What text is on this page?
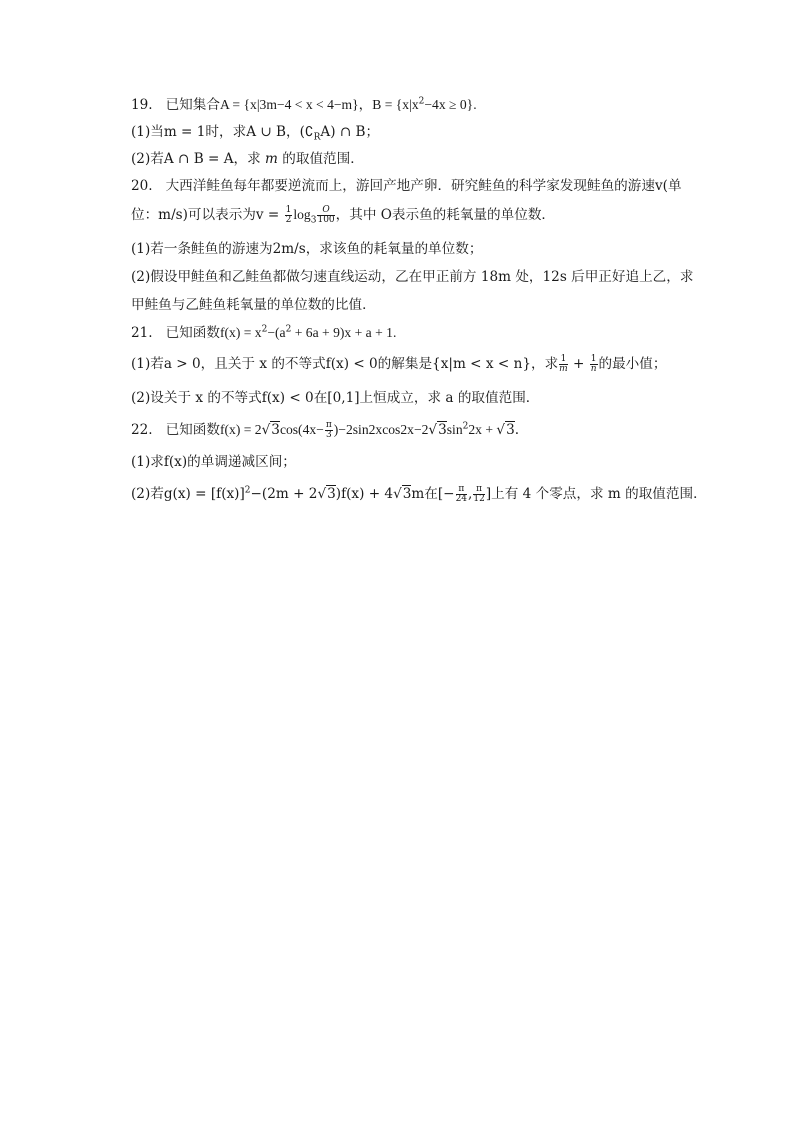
19. 已知集合A = {x|3m−4 < x < 4−m}，$B = \{x|x^2-4x \ge 0\}$.
(1)当m = 1时，求A ∪ B，$(∁_RA)$ ∩ B；
(2)若A ∩ B = A，求 m 的取值范围．
20. 大西洋鲑鱼每年都要逆流而上，游回产地产卵．研究鲑鱼的科学家发现鲑鱼的游速v(单
位：m/s)可以表示为$v = \frac{1}{2} \log_3 \frac{O}{100}$ ，其中 O表示鱼的耗氧量的单位数．
(1)若一条鲑鱼的游速为2m/s，求该鱼的耗氧量的单位数；
(2)假设甲鲑鱼和乙鲑鱼都做匀速直线运动，乙在甲正前方 18m 处，12s 后甲正好追上乙，求
甲鲑鱼与乙鲑鱼耗氧量的单位数的比值．
21. 已知函数$f(x) = x^2-(a^2 + 6a + 9)x + a + 1$.
(1)若a > 0，且关于 x 的不等式f(x) < 0的解集是{x|m < x < n}，求 $\frac{1}{m} + \frac{1}{n}$ 的最小值；
(2)设关于 x 的不等式f(x) < 0在[0,1]上恒成立，求 a 的取值范围．
22. 已知函数$f(x) = 2√3\cos(4x- \frac{\pi}{3} )-2\sin 2xcos2x-2√3\sin^22x + √3$.
(1)求f(x)的单调递减区间；
(2)若$g(x) = [f(x)]^2-(2m + 2√3)f(x) + 4√3m$在[− $\frac{\pi}{24}$ , $\frac{\pi}{12}$ ]上有 4 个零点，求 m 的取值范围．
